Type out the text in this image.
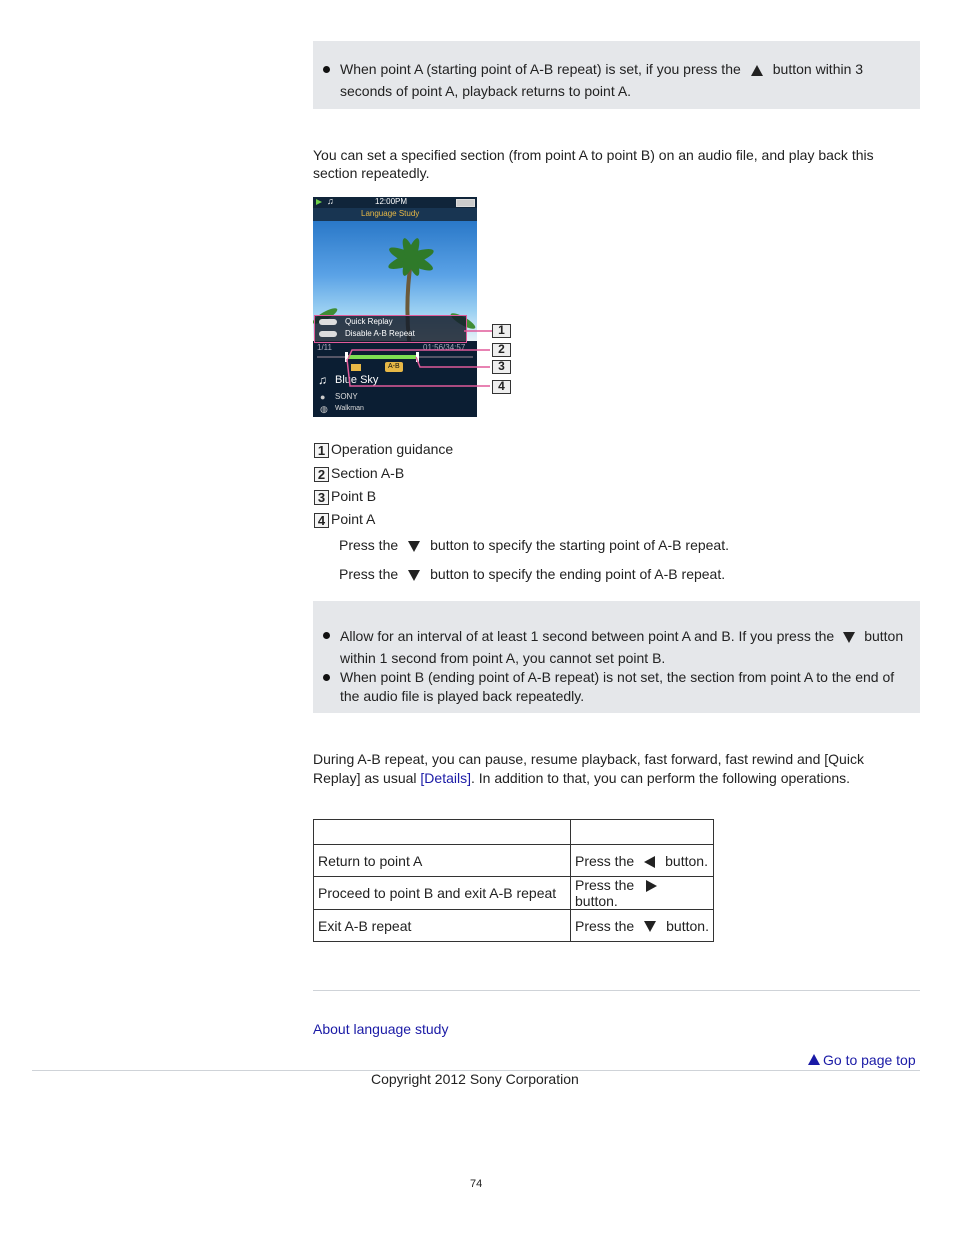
When point A (starting point of A-B repeat) is set, if you press the button within 3
seconds of point A, playback returns to point A.
You can set a specified section (from point A to point B) on an audio file, and play back this
section repeatedly.
♫	12:00PM
Language Study
Quick Replay
Disable A-B Repeat
1/11	01:56/34:57
A-B
♫ Blue Sky
● SONY
◍ Walkman
1
2
3
4
1 Operation guidance
2 Section A-B
3 Point B
4 Point A
Press the button to specify the starting point of A-B repeat.
Press the button to specify the ending point of A-B repeat.
Allow for an interval of at least 1 second between point A and B. If you press the button
within 1 second from point A, you cannot set point B.
When point B (ending point of A-B repeat) is not set, the section from point A to the end of
the audio file is played back repeatedly.
During A-B repeat, you can pause, resume playback, fast forward, fast rewind and [Quick
Replay] as usual [Details]. In addition to that, you can perform the following operations.

Return to point A	Press the button.
Proceed to point B and exit A-B repeat	Press thebutton.
Exit A-B repeat	Press the button.
About language study
Go to page top
Copyright 2012 Sony Corporation
74
